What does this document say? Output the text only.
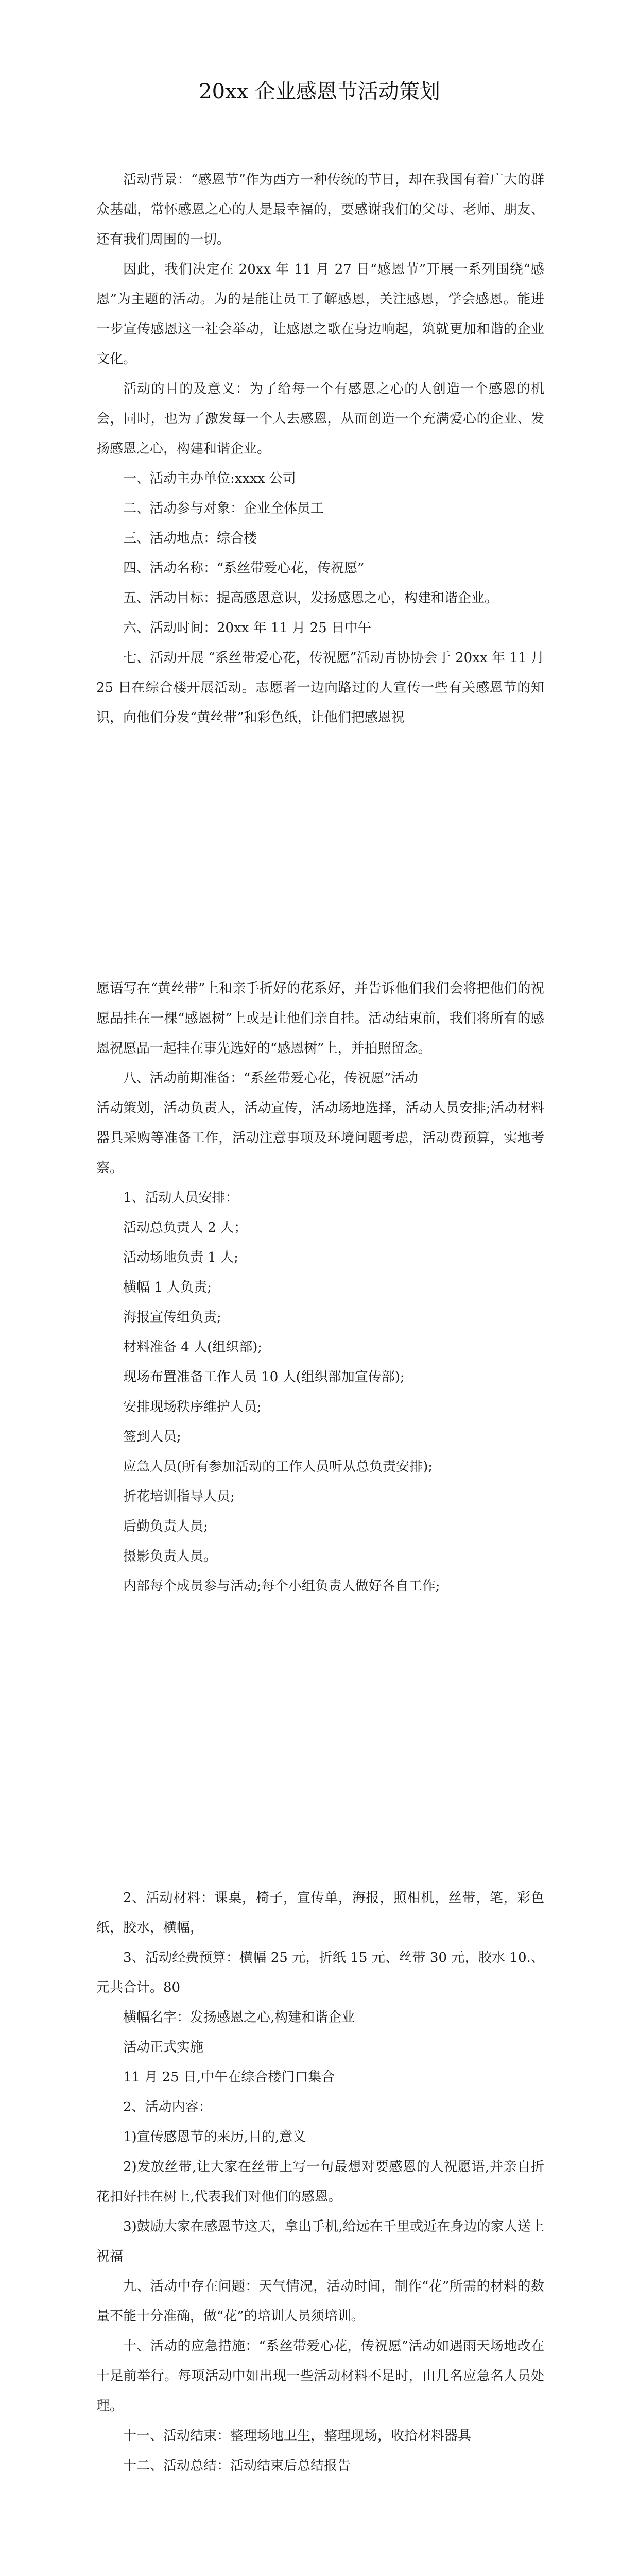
20xx 企业感恩节活动策划

活动背景：“感恩节”作为西方一种传统的节日，却在我国有着广大的群众基础，常怀感恩之心的人是最幸福的，要感谢我们的父母、老师、朋友、还有我们周围的一切。

因此，我们决定在 20xx 年 11 月 27 日“感恩节”开展一系列围绕“感恩”为主题的活动。为的是能让员工了解感恩，关注感恩，学会感恩。能进一步宣传感恩这一社会举动，让感恩之歌在身边响起，筑就更加和谐的企业文化。

活动的目的及意义：为了给每一个有感恩之心的人创造一个感恩的机会，同时，也为了激发每一个人去感恩，从而创造一个充满爱心的企业、发扬感恩之心，构建和谐企业。

一、活动主办单位:xxxx 公司

二、活动参与对象：企业全体员工

三、活动地点：综合楼

四、活动名称：“系丝带爱心花，传祝愿”

五、活动目标：提高感恩意识，发扬感恩之心，构建和谐企业。

六、活动时间：20xx 年 11 月 25 日中午

七、活动开展 “系丝带爱心花，传祝愿”活动青协协会于 20xx 年 11 月 25 日在综合楼开展活动。志愿者一边向路过的人宣传一些有关感恩节的知识，向他们分发“黄丝带”和彩色纸，让他们把感恩祝

愿语写在“黄丝带”上和亲手折好的花系好，并告诉他们我们会将把他们的祝愿品挂在一棵“感恩树”上或是让他们亲自挂。活动结束前，我们将所有的感恩祝愿品一起挂在事先选好的“感恩树”上，并拍照留念。

八、活动前期准备：“系丝带爱心花，传祝愿”活动

活动策划，活动负责人，活动宣传，活动场地选择，活动人员安排;活动材料器具采购等准备工作，活动注意事项及环境问题考虑，活动费预算，实地考察。

1、活动人员安排：

活动总负责人 2 人；

活动场地负责 1 人;

横幅 1 人负责;

海报宣传组负责;

材料准备 4 人(组织部);

现场布置准备工作人员 10 人(组织部加宣传部);

安排现场秩序维护人员;

签到人员;

应急人员(所有参加活动的工作人员听从总负责安排);

折花培训指导人员;

后勤负责人员;

摄影负责人员。

内部每个成员参与活动;每个小组负责人做好各自工作;

2、活动材料：课桌，椅子，宣传单，海报，照相机，丝带，笔，彩色纸，胶水，横幅，

3、活动经费预算：横幅 25 元，折纸 15 元、丝带 30 元，胶水 10.、元共合计。80

横幅名字：发扬感恩之心,构建和谐企业

活动正式实施

11 月 25 日,中午在综合楼门口集合

2、活动内容：

1)宣传感恩节的来历,目的,意义

2)发放丝带,让大家在丝带上写一句最想对要感恩的人祝愿语,并亲自折花扣好挂在树上,代表我们对他们的感恩。

3)鼓励大家在感恩节这天，拿出手机,给远在千里或近在身边的家人送上祝福

九、活动中存在问题：天气情况，活动时间，制作“花”所需的材料的数量不能十分准确，做“花”的培训人员须培训。

十、活动的应急措施：“系丝带爱心花，传祝愿”活动如遇雨天场地改在十足前举行。每项活动中如出现一些活动材料不足时，由几名应急名人员处理。

十一、活动结束：整理场地卫生，整理现场，收拾材料器具

十二、活动总结：活动结束后总结报告
